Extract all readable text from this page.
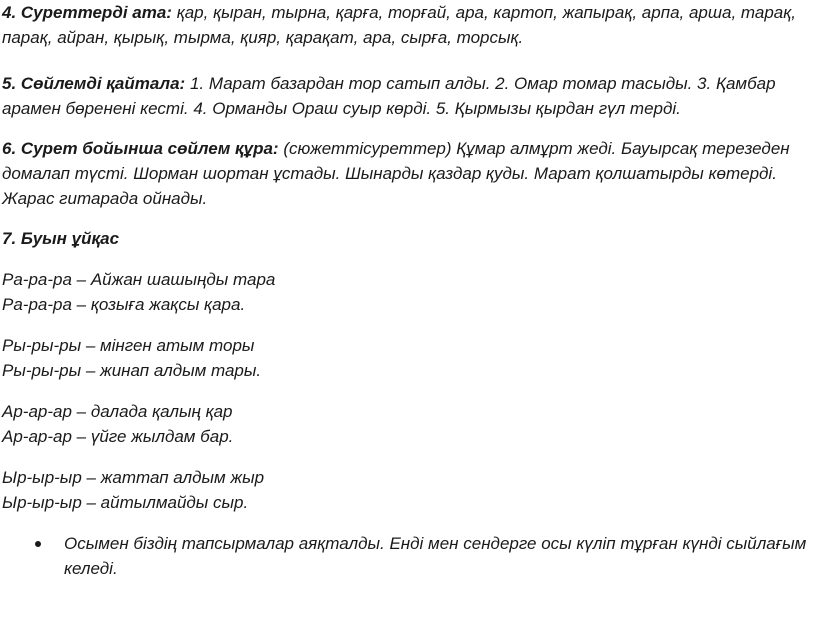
4. Суреттерді ата: қар, қыран, тырна, қарға, торғай, ара, картоп, жапырақ, арпа, арша, тарақ, парақ, айран, қырық, тырма, қияр, қарақат, ара, сырға, торсық.

5. Сөйлемді қайтала: 1. Марат базардан тор сатып алды. 2. Омар томар тасыды. 3. Қамбар арамен бөренені кесті. 4. Орманды Ораш суыр көрді. 5. Қырмызы қырдан гүл терді.

6. Сурет бойынша сөйлем құра: (сюжеттісуреттер) Құмар алмұрт жеді. Бауырсақ терезеден домалап түсті. Шорман шортан ұстады. Шынарды қаздар қуды. Марат қолшатырды көтерді. Жарас гитарада ойнады.

7. Буын ұйқас

Ра-ра-ра – Айжан шашыңды тара

Ра-ра-ра – қозыға жақсы қара.

Ры-ры-ры – мінген атым торы

Ры-ры-ры – жинап алдым тары.

Ар-ар-ар – далада қалың қар

Ар-ар-ар – үйге жылдам бар.

Ыр-ыр-ыр – жаттап алдым жыр

Ыр-ыр-ыр – айтылмайды сыр.

Осымен біздің тапсырмалар аяқталды. Енді мен сендерге осы күліп тұрған күнді сыйлағым келеді.
